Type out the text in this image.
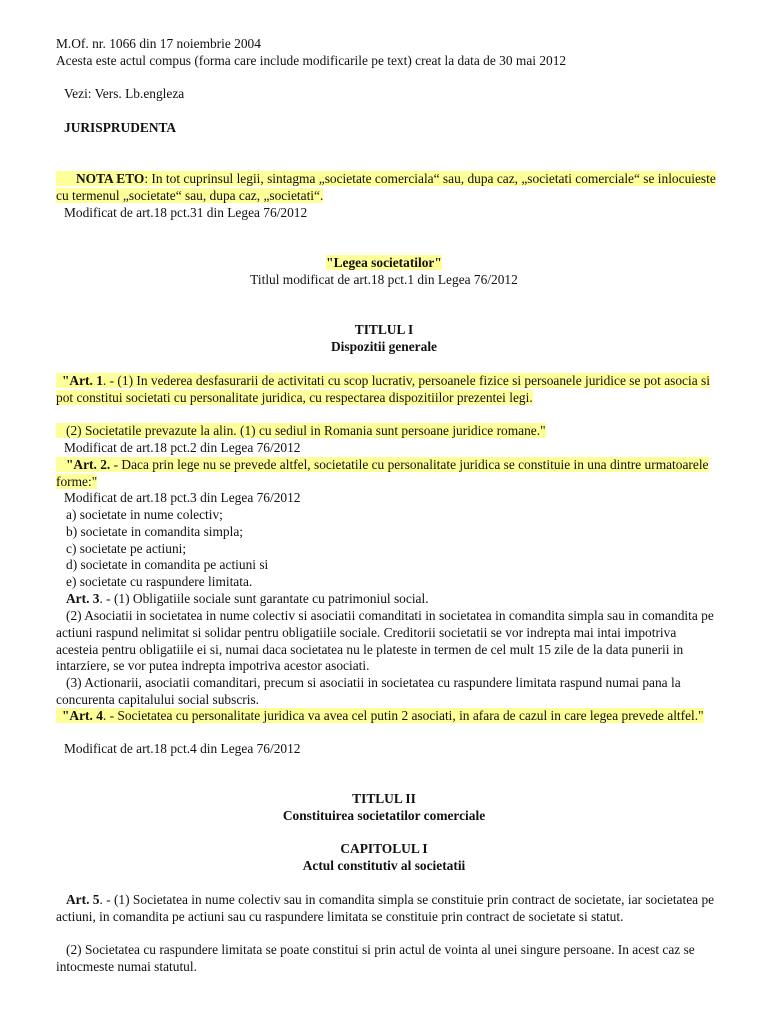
M.Of. nr. 1066 din 17 noiembrie 2004

Acesta este actul compus (forma care include modificarile pe text) creat la data de 30 mai 2012

Vezi: Vers. Lb.engleza

JURISPRUDENTA

NOTA ETO: In tot cuprinsul legii, sintagma „societate comerciala“ sau, dupa caz, „societati comerciale“ se inlocuieste cu termenul „societate“ sau, dupa caz, „societati“.

Modificat de art.18 pct.31 din Legea 76/2012

"Legea societatilor"

Titlul modificat de art.18 pct.1 din Legea 76/2012

TITLUL I

Dispozitii generale

"Art. 1. - (1) In vederea desfasurarii de activitati cu scop lucrativ, persoanele fizice si persoanele juridice se pot asocia si pot constitui societati cu personalitate juridica, cu respectarea dispozitiilor prezentei legi.

(2) Societatile prevazute la alin. (1) cu sediul in Romania sunt persoane juridice romane."

Modificat de art.18 pct.2 din Legea 76/2012

"Art. 2. - Daca prin lege nu se prevede altfel, societatile cu personalitate juridica se constituie in una dintre urmatoarele forme:"

Modificat de art.18 pct.3 din Legea 76/2012

a) societate in nume colectiv;

b) societate in comandita simpla;

c) societate pe actiuni;

d) societate in comandita pe actiuni si

e) societate cu raspundere limitata.

Art. 3. - (1) Obligatiile sociale sunt garantate cu patrimoniul social.

(2) Asociatii in societatea in nume colectiv si asociatii comanditati in societatea in comandita simpla sau in comandita pe actiuni raspund nelimitat si solidar pentru obligatiile sociale. Creditorii societatii se vor indrepta mai intai impotriva acesteia pentru obligatiile ei si, numai daca societatea nu le plateste in termen de cel mult 15 zile de la data punerii in intarziere, se vor putea indrepta impotriva acestor asociati.

(3) Actionarii, asociatii comanditari, precum si asociatii in societatea cu raspundere limitata raspund numai pana la concurenta capitalului social subscris.

"Art. 4. - Societatea cu personalitate juridica va avea cel putin 2 asociati, in afara de cazul in care legea prevede altfel."

Modificat de art.18 pct.4 din Legea 76/2012

TITLUL II

Constituirea societatilor comerciale

CAPITOLUL I

Actul constitutiv al societatii

Art. 5. - (1) Societatea in nume colectiv sau in comandita simpla se constituie prin contract de societate, iar societatea pe actiuni, in comandita pe actiuni sau cu raspundere limitata se constituie prin contract de societate si statut.

(2) Societatea cu raspundere limitata se poate constitui si prin actul de vointa al unei singure persoane. In acest caz se intocmeste numai statutul.
